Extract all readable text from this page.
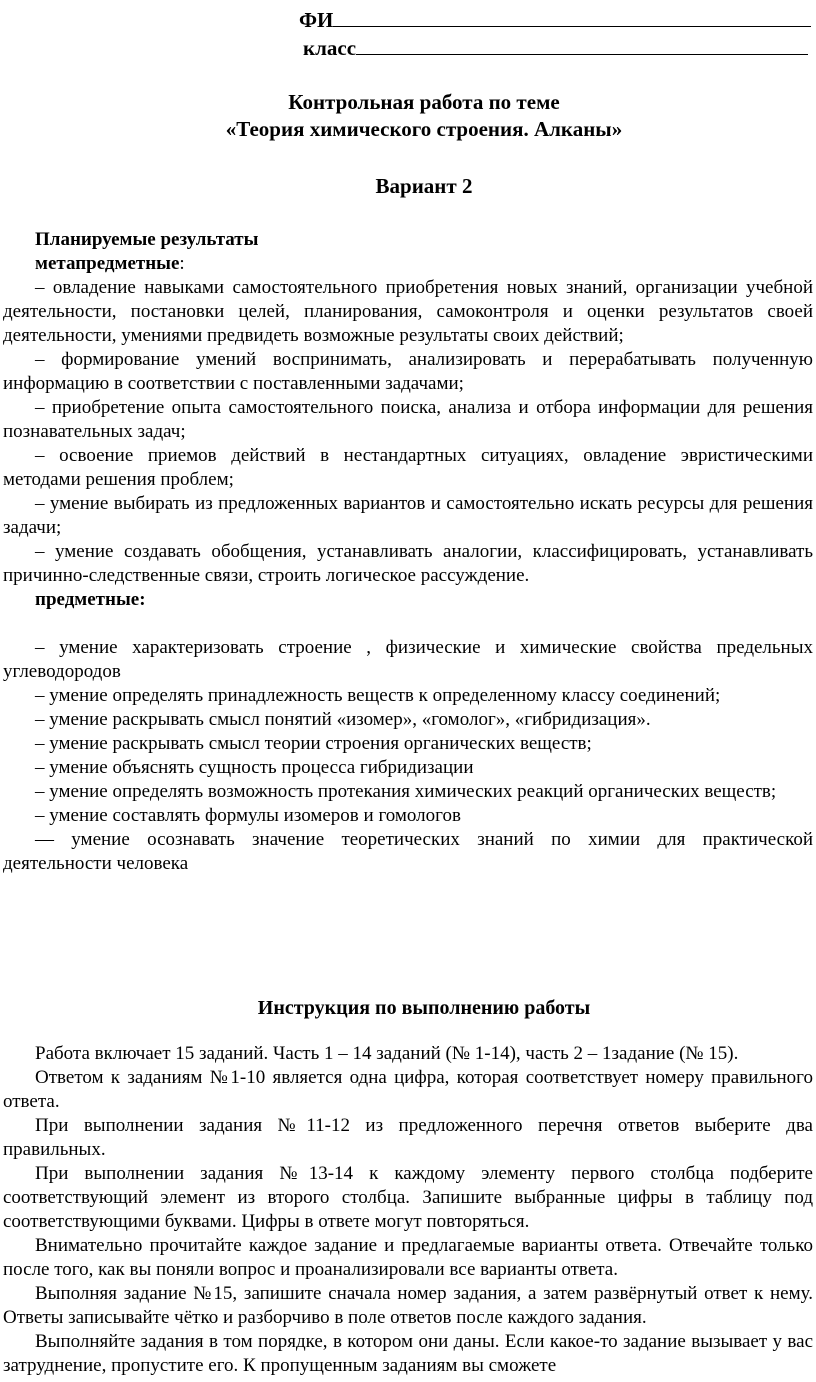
ФИ
класс
Контрольная работа по теме
«Теория химического строения. Алканы»
Вариант 2

Планируемые результаты

метапредметные:

– овладение навыками самостоятельного приобретения новых знаний, организации учебной деятельности, постановки целей, планирования, самоконтроля и оценки результатов своей деятельности, умениями предвидеть возможные результаты своих действий;

– формирование умений воспринимать, анализировать и перерабатывать полученную информацию в соответствии с поставленными задачами;

– приобретение опыта самостоятельного поиска, анализа и отбора информации для решения познавательных задач;

– освоение приемов действий в нестандартных ситуациях, овладение эвристическими методами решения проблем;

– умение выбирать из предложенных вариантов и самостоятельно искать ресурсы для решения задачи;

– умение создавать обобщения, устанавливать аналогии, классифицировать, устанавливать причинно-следственные связи, строить логическое рассуждение.

предметные:

– умение характеризовать строение , физические и химические свойства предельных углеводородов

– умение определять принадлежность веществ к определенному классу соединений;

– умение раскрывать смысл понятий «изомер», «гомолог», «гибридизация».

– умение раскрывать смысл теории строения органических веществ;

– умение объяснять сущность процесса гибридизации

– умение определять возможность протекания химических реакций органических веществ;

– умение составлять формулы изомеров и гомологов

— умение осознавать значение теоретических знаний по химии для практической деятельности человека

Инструкция по выполнению работы

Работа включает 15 заданий. Часть 1 – 14 заданий (№ 1-14), часть 2 – 1задание (№ 15).

Ответом к заданиям №1-10 является одна цифра, которая соответствует номеру правильного ответа.

При выполнении задания №11-12 из предложенного перечня ответов выберите два правильных.

При выполнении задания №13-14 к каждому элементу первого столбца подберите соответствующий элемент из второго столбца. Запишите выбранные цифры в таблицу под соответствующими буквами. Цифры в ответе могут повторяться.

Внимательно прочитайте каждое задание и предлагаемые варианты ответа. Отвечайте только после того, как вы поняли вопрос и проанализировали все варианты ответа.

Выполняя задание №15, запишите сначала номер задания, а затем развёрнутый ответ к нему. Ответы записывайте чётко и разборчиво в поле ответов после каждого задания.

Выполняйте задания в том порядке, в котором они даны. Если какое-то задание вызывает у вас затруднение, пропустите его. К пропущенным заданиям вы сможете
